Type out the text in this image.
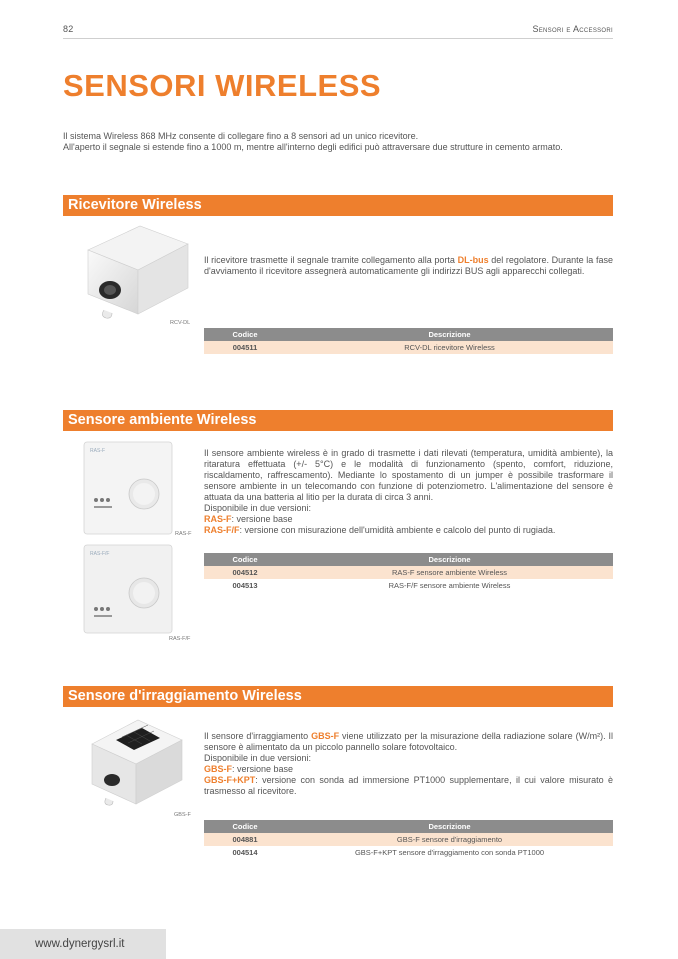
82	Sensori e Accessori
SENSORI WIRELESS

Il sistema Wireless 868 MHz consente di collegare fino a 8 sensori ad un unico ricevitore.

All'aperto il segnale si estende fino a 1000 m, mentre all'interno degli edifici può attraversare due strutture in cemento armato.

Ricevitore Wireless
RCV-DL

Il ricevitore trasmette il segnale tramite collegamento alla porta DL-bus del regolatore. Durante la fase d'avviamento il ricevitore assegnerà automaticamente gli indirizzi BUS agli apparecchi collegati.

Codice	Descrizione
004511	RCV-DL ricevitore Wireless
Sensore ambiente Wireless
RAS-F
RAS-F
RAS-F/F
RAS-F/F

Il sensore ambiente wireless è in grado di trasmette i dati rilevati (temperatura, umidità ambiente), la ritaratura effettuata (+/- 5°C) e le modalità di funzionamento (spento, comfort, riduzione, riscaldamento, raffrescamento). Mediante lo spostamento di un jumper è possibile trasformare il sensore ambiente in un telecomando con funzione di potenziometro. L'alimentazione del sensore è attuata da una batteria al litio per la durata di circa 3 anni.

Disponibile in due versioni:

RAS-F: versione base

RAS-F/F: versione con misurazione dell'umidità ambiente e calcolo del punto di rugiada.

Codice	Descrizione
004512	RAS-F sensore ambiente Wireless
004513	RAS-F/F sensore ambiente Wireless
Sensore d'irraggiamento Wireless
GBS-F

Il sensore d'irraggiamento GBS-F viene utilizzato per la misurazione della radiazione solare (W/m²). Il sensore è alimentato da un piccolo pannello solare fotovoltaico.

Disponibile in due versioni:

GBS-F: versione base

GBS-F+KPT: versione con sonda ad immersione PT1000 supplementare, il cui valore misurato è trasmesso al ricevitore.

Codice	Descrizione
004881	GBS-F sensore d'irraggiamento
004514	GBS-F+KPT sensore d'irraggiamento con sonda PT1000
www.dynergysrl.it
